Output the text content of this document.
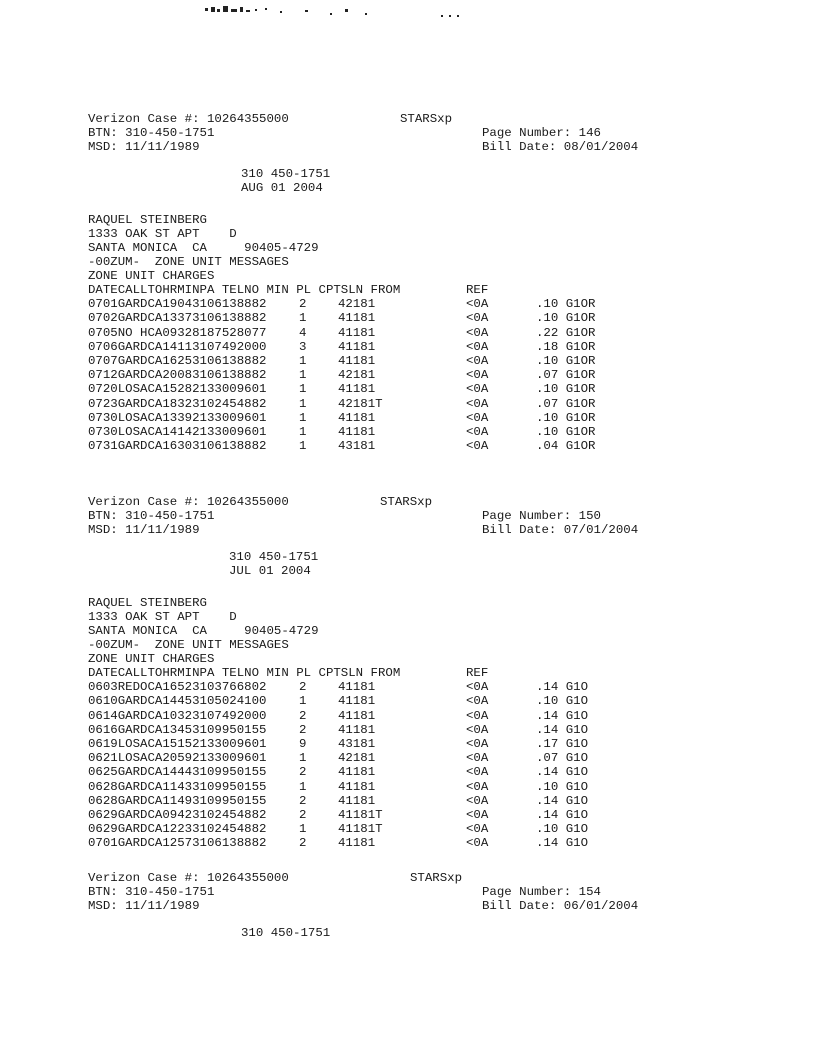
Verizon Case #: 10264355000
BTN: 310-450-1751
MSD: 11/11/1989
STARSxp
Page Number: 146
Bill Date: 08/01/2004
310 450-1751
AUG 01 2004
RAQUEL STEINBERG
1333 OAK ST APT D
SANTA MONICA  CA	90405-4729
-00ZUM-  ZONE UNIT MESSAGES
ZONE UNIT CHARGES
DATECALLTOHRMINPA TELNO MIN PL CPTSLN FROM	REF
0701GARDCA19043106138882	2	42181	<0A	.10 G1OR
0702GARDCA13373106138882	1	41181	<0A	.10 G1OR
0705NO HCA09328187528077	4	41181	<0A	.22 G1OR
0706GARDCA14113107492000	3	41181	<0A	.18 G1OR
0707GARDCA16253106138882	1	41181	<0A	.10 G1OR
0712GARDCA20083106138882	1	42181	<0A	.07 G1OR
0720LOSACA15282133009601	1	41181	<0A	.10 G1OR
0723GARDCA18323102454882	1	42181T	<0A	.07 G1OR
0730LOSACA13392133009601	1	41181	<0A	.10 G1OR
0730LOSACA14142133009601	1	41181	<0A	.10 G1OR
0731GARDCA16303106138882	1	43181	<0A	.04 G1OR
Verizon Case #: 10264355000
BTN: 310-450-1751
MSD: 11/11/1989
STARSxp
Page Number: 150
Bill Date: 07/01/2004
310 450-1751
JUL 01 2004
RAQUEL STEINBERG
1333 OAK ST APT D
SANTA MONICA  CA	90405-4729
-00ZUM-  ZONE UNIT MESSAGES
ZONE UNIT CHARGES
DATECALLTOHRMINPA TELNO MIN PL CPTSLN FROM	REF
0603REDOCA16523103766802	2	41181	<0A	.14 G1O
0610GARDCA14453105024100	1	41181	<0A	.10 G1O
0614GARDCA10323107492000	2	41181	<0A	.14 G1O
0616GARDCA13453109950155	2	41181	<0A	.14 G1O
0619LOSACA15152133009601	9	43181	<0A	.17 G1O
0621LOSACA20592133009601	1	42181	<0A	.07 G1O
0625GARDCA14443109950155	2	41181	<0A	.14 G1O
0628GARDCA11433109950155	1	41181	<0A	.10 G1O
0628GARDCA11493109950155	2	41181	<0A	.14 G1O
0629GARDCA09423102454882	2	41181T	<0A	.14 G1O
0629GARDCA12233102454882	1	41181T	<0A	.10 G1O
0701GARDCA12573106138882	2	41181	<0A	.14 G1O
Verizon Case #: 10264355000
BTN: 310-450-1751
MSD: 11/11/1989
STARSxp
Page Number: 154
Bill Date: 06/01/2004
310 450-1751
